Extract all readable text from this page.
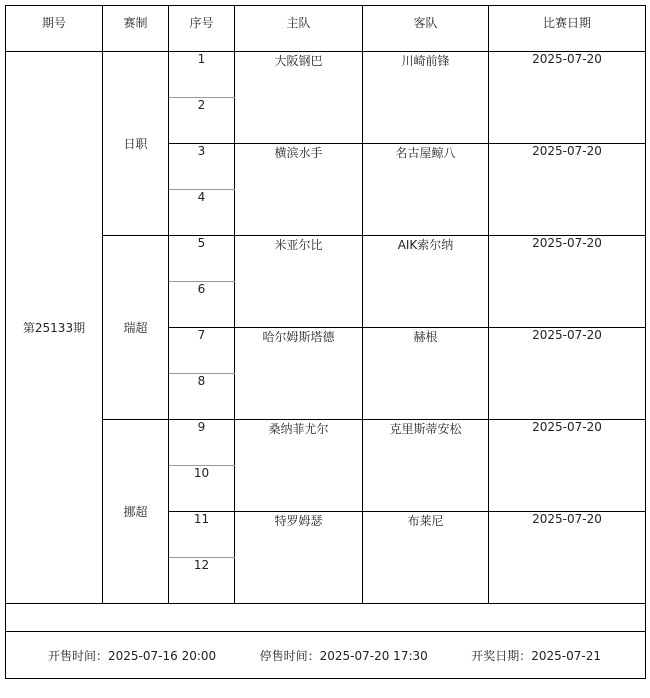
期号	赛制	序号	主队	客队	比赛日期
第25133期	日职	1	大阪钢巴	川崎前锋	2025-07-20
		2			
		3	横滨水手	名古屋鲸八	2025-07-20
		4			
	瑞超	5	米亚尔比	AIK索尔纳	2025-07-20
		6			
		7	哈尔姆斯塔德	赫根	2025-07-20
		8			
	挪超	9	桑纳菲尤尔	克里斯蒂安松	2025-07-20
		10			
		11	特罗姆瑟	布莱尼	2025-07-20
		12			

开售时间：2025-07-16 20:00 停售时间：2025-07-20 17:30 开奖日期：2025-07-21					
